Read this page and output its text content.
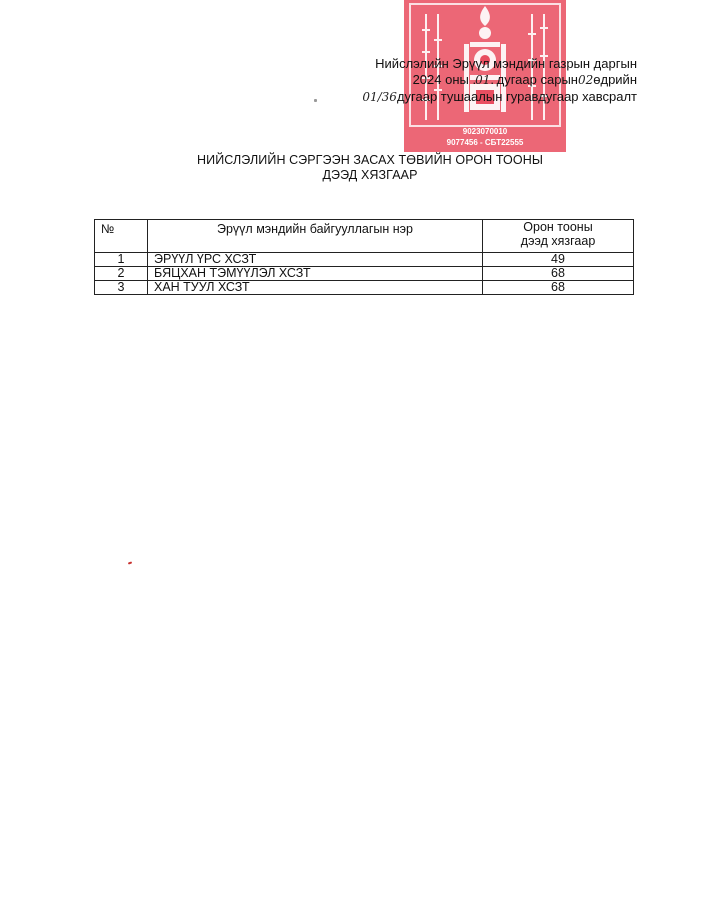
9023070010
9077456 - СБТ22555
Нийслэлийн Эрүүл мэндийн газрын даргын
2024 оны .01. дугаар сарын02өдрийн
01/36дугаар тушаалын гуравдугаар хавсралт
НИЙСЛЭЛИЙН СЭРГЭЭН ЗАСАХ ТӨВИЙН ОРОН ТООНЫ
ДЭЭД ХЯЗГААР
№	Эрүүл мэндийн байгууллагын нэр	Орон тооны
дээд хязгаар

1	ЭРҮҮЛ ҮРС ХСЗТ	49
2	БЯЦХАН ТЭМҮҮЛЭЛ ХСЗТ	68
3	ХАН ТУУЛ ХСЗТ	68
